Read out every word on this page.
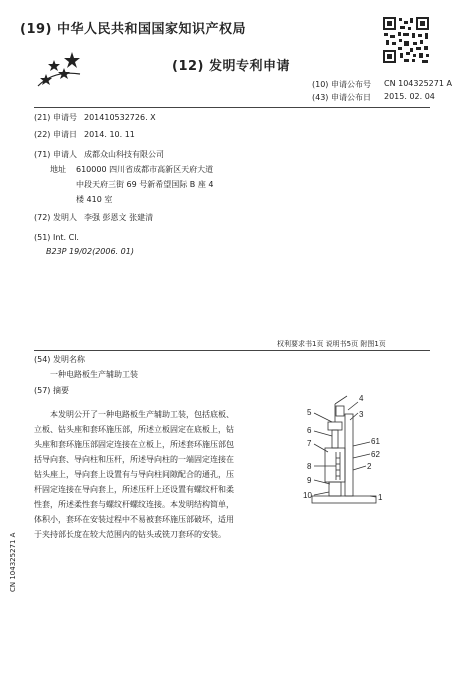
(19) 中华人民共和国国家知识产权局
(12) 发明专利申请
(10) 申请公布号 CN 104325271 A
(43) 申请公布日 2015. 02. 04
(21) 申请号 201410532726. X
(22) 申请日 2014. 10. 11
(71) 申请人 成都众山科技有限公司
地址 610000 四川省成都市高新区天府大道
中段天府三街 69 号新希望国际 B 座 4
楼 410 室
(72) 发明人 李强 彭恩文 张建清
(51) Int. Cl.
B23P 19/02(2006. 01)
权利要求书1页 说明书5页 附图1页
(54) 发明名称
一种电路板生产辅助工装
(57) 摘要
本发明公开了一种电路板生产辅助工装，包括底板、立板、钻头座和套环施压部，所述立板固定在底板上，钻头座和套环施压部固定连接在立板上，所述套环施压部包括导向套、导向柱和压杆，所述导向柱的一端固定连接在钻头座上，导向套上设置有与导向柱间隙配合的通孔，压杆固定连接在导向套上，所述压杆上还设置有螺纹杆和柔性套，所述柔性套与螺纹杆螺纹连接。本发明结构简单，体积小，套环在安装过程中不易被套环施压部破坏，适用于夹持部长度在较大范围内的钻头或铣刀套环的安装。
4
5	3
6
7	61
62
2
8
9
10	1
CN 104325271 A
